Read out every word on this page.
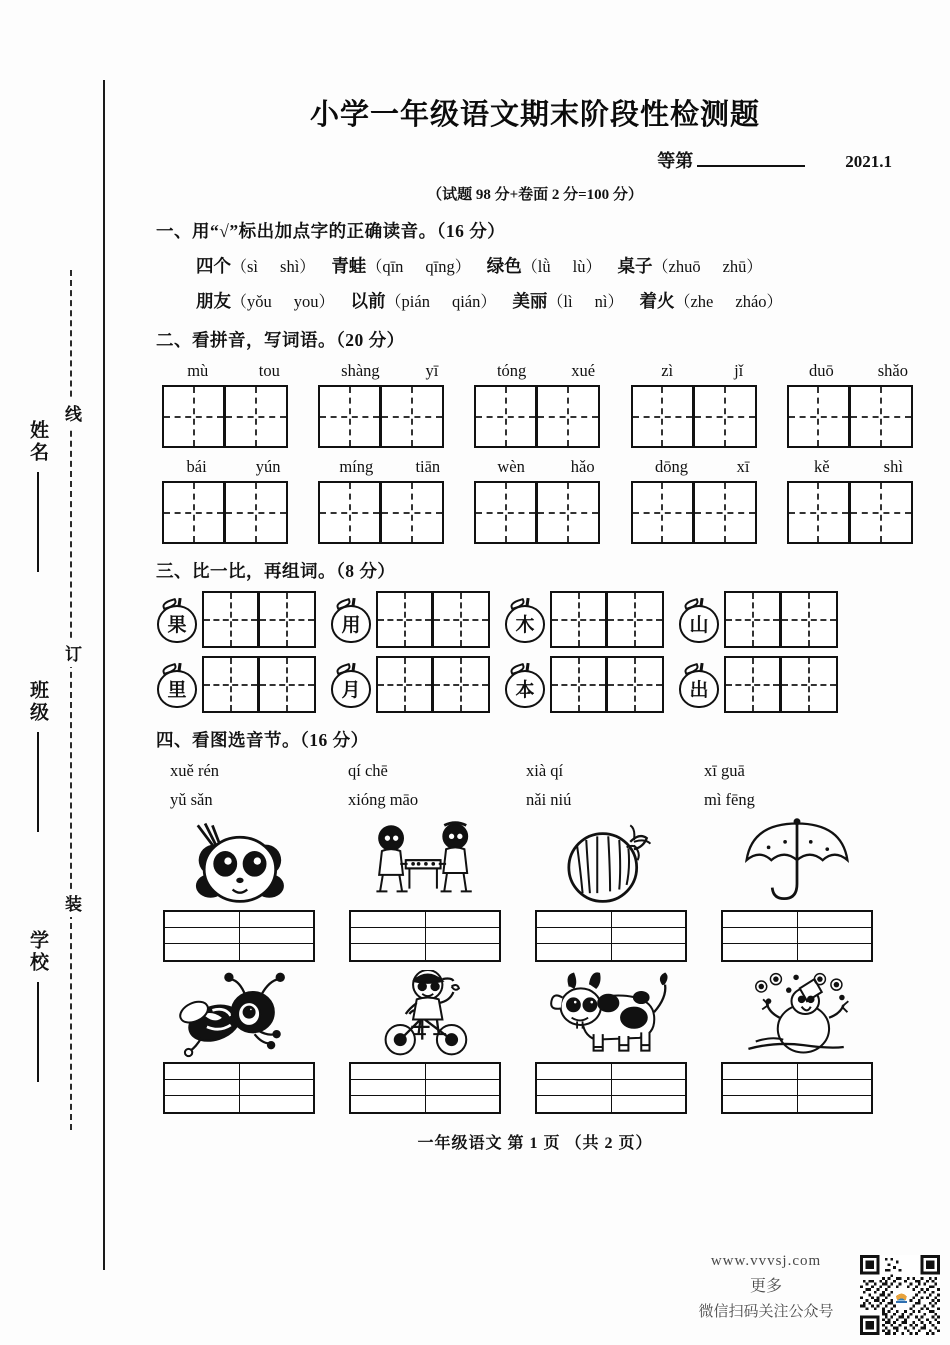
线
订
装
姓名
班级
学校
小学一年级语文期末阶段性检测题
等第	2021.1
（试题 98 分+卷面 2 分=100 分）
一、用“√”标出加点字的正确读音。（16 分）
四个 （ sì shì ） 青蛙 （ qīn qīng ） 绿色 （ lǜ lù ） 桌子 （ zhuō zhū ）
朋友 （ yǒu you ） 以前 （ pián qián ） 美丽 （ lì nì ） 着火 （ zhe zháo ）
二、看拼音，写词语。（20 分）
mù	tou	shàng	yī	tóng	xué	zì	jǐ	duō	shǎo
bái	yún	míng	tiān	wèn	hǎo	dōng	xī	kě	shì
三、比一比，再组词。（8 分）
果	用	木	山
里	月	本	出
四、看图选音节。（16 分）
xuě rén	qí chē	xià qí	xī guā
yǔ sǎn	xióng māo	nǎi niú	mì fēng
一年级语文 第 1 页 （共 2 页）
www.vvvsj.com
更多
微信扫码关注公众号
